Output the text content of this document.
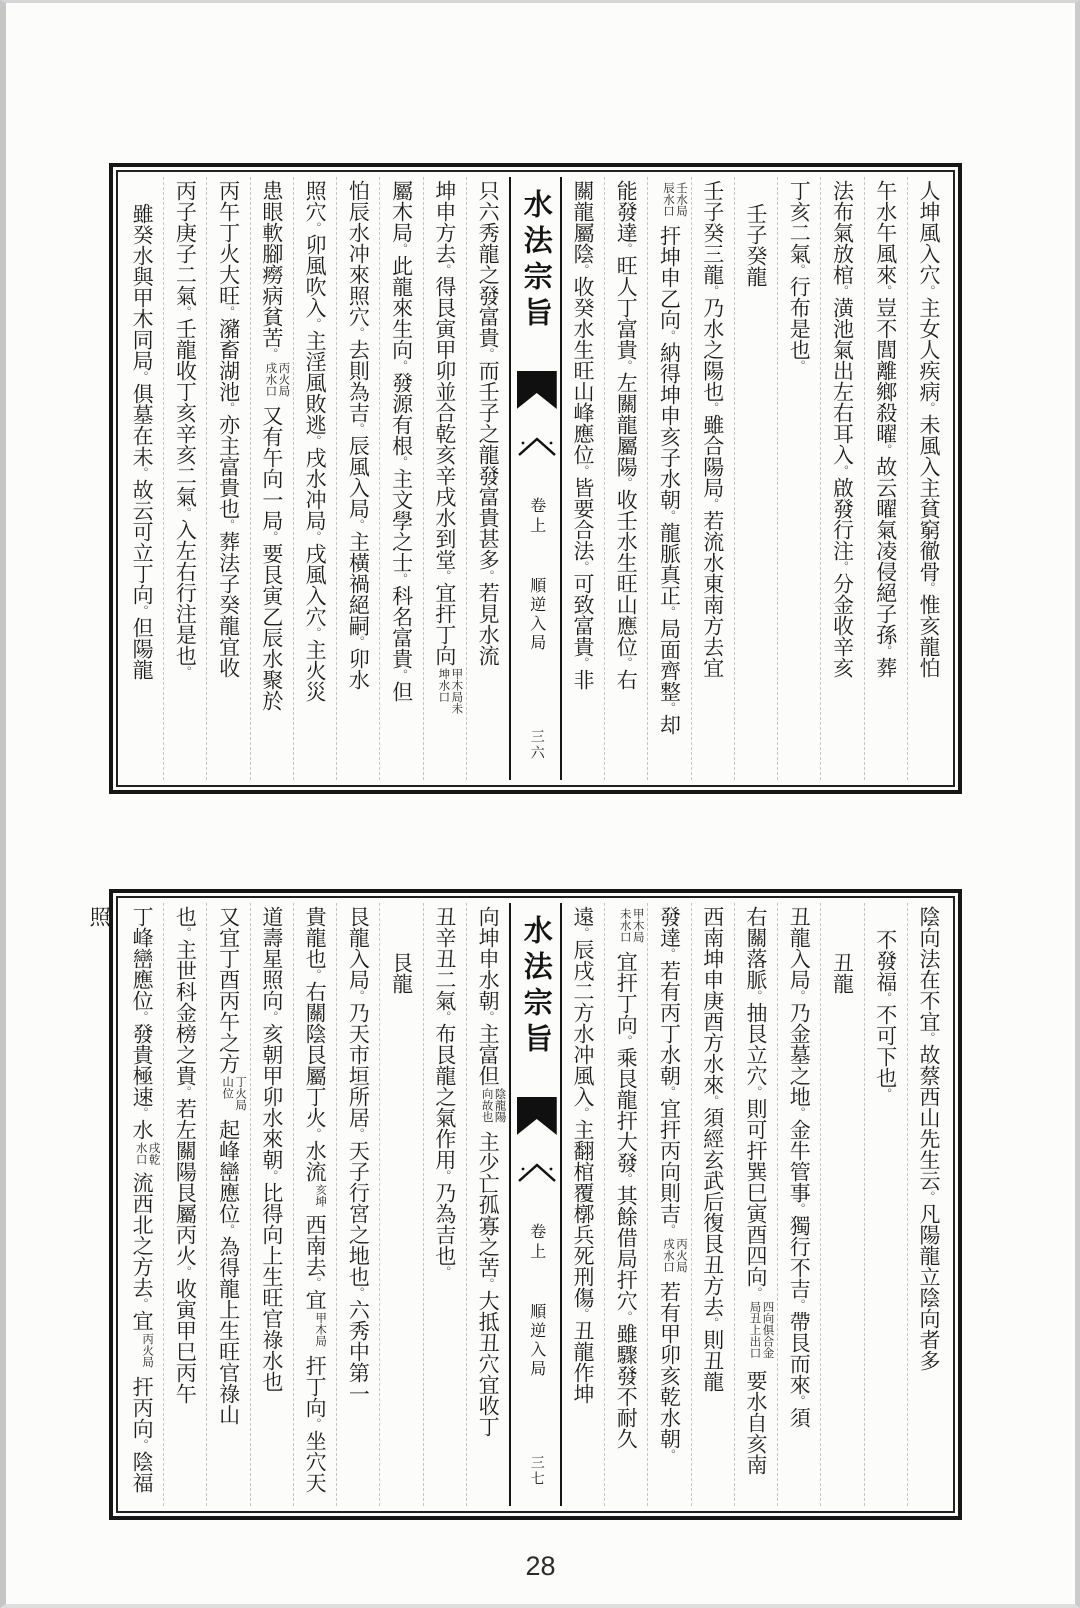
人坤風入穴。主女人疾病。未風入主貧窮徹骨。惟亥龍怕
午水午風來。豈不閭離鄉殺曜。故云曜氣凌侵絕子孫。葬
法布氣放棺。潢池氣出左右耳入。啟發行注。分金收辛亥
丁亥二氣。行布是也。
壬子癸龍
壬子癸三龍。乃水之陽也。雖合陽局。若流水東南方去宜
壬水局辰水口扞坤申乙向。納得坤申亥子水朝。龍脈真正。局面齊整。却
能發達。旺人丁富貴。左關龍屬陽。收壬水生旺山應位。右
關龍屬陰。收癸水生旺山峰應位。皆要合法。可致富貴。非
水法宗旨   卷上 順逆入局 三六
只六秀龍之發富貴。而壬子之龍發富貴甚多。若見水流
坤申方去。得艮寅甲卯並合乾亥辛戌水到堂。宜扞丁向甲木局未坤水口
屬木局。此龍來生向。發源有根。主文學之士。科名富貴。但
怕辰水冲來照穴。去則為吉。辰風入局。主橫禍絕嗣。卯水
照穴。卯風吹入。主淫風敗逃。戌水冲局。戌風入穴。主火災
患眼軟腳癆病貧苦。丙火局戌水口又有午向一局。要艮寅乙辰水聚於
丙午丁火大旺。瀦畜湖池。亦主富貴也。葬法子癸龍宜收
丙子庚子二氣。壬龍收丁亥辛亥二氣。入左右行注是也。
雖癸水與甲木同局。俱墓在未。故云可立丁向。但陽龍
陰向法在不宜。故蔡西山先生云。凡陽龍立陰向者多
不發福。不可下也。
丑龍
丑龍入局。乃金墓之地。金牛管事。獨行不吉。帶艮而來。須
右關落脈。抽艮立穴。則可扞巽巳寅酉四向。四向俱合金局丑上出口要水自亥南
西南坤申庚酉方水來。須經玄武后復艮丑方去。則丑龍
發達。若有丙丁水朝。宜扞丙向則吉。丙火局戌水口若有甲卯亥乾水朝。
甲木局未水口宜扞丁向。乘艮龍扞大發。其餘借局扞穴。雖驟發不耐久
遠。辰戌二方水冲風入。主翻棺覆槨兵死刑傷。丑龍作坤
水法宗旨   卷上 順逆入局 三七
向坤申水朝。主富但陰龍陽向故也主少亡孤寡之苦。大抵丑穴宜收丁
丑辛丑二氣。布艮龍之氣作用。乃為吉也。
艮龍
艮龍入局。乃天市垣所居。天子行宮之地也。六秀中第一
貴龍也。右關陰艮屬丁火。水流亥坤西南去。宜甲木局扞丁向。坐穴天
道壽星照向。亥朝甲卯水來朝。比得向上生旺官祿水也
又宜丁酉丙午之方丁火局山位起峰巒應位。為得龍上生旺官祿山
也。主世科金榜之貴。若左關陽艮屬丙火。收寅甲巳丙午
丁峰巒應位。發貴極速。水戌乾水口流西北之方去。宜丙火局扞丙向。陰福照
28
